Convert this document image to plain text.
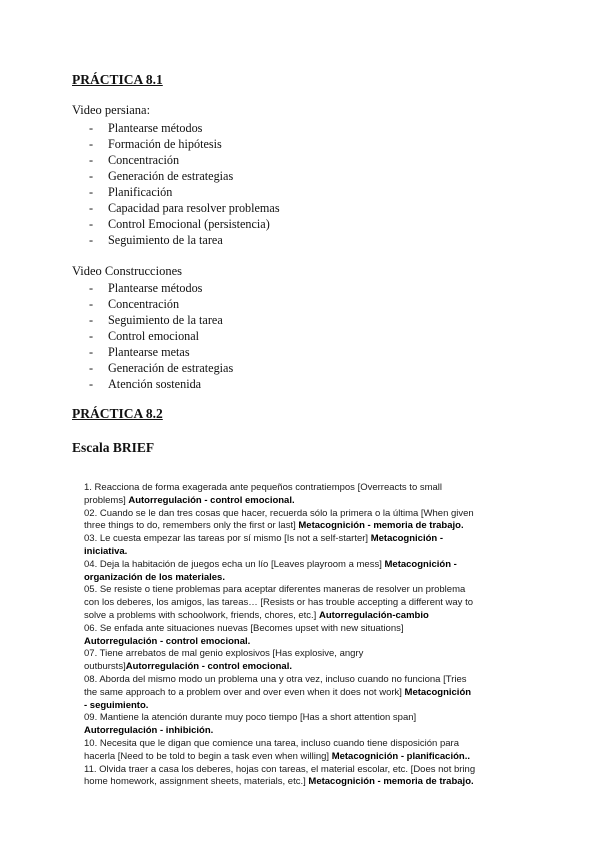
PRÁCTICA 8.1
Video persiana:
- Plantearse métodos
- Formación de hipótesis
- Concentración
- Generación de estrategias
- Planificación
- Capacidad para resolver problemas
- Control Emocional (persistencia)
- Seguimiento de la tarea
Video Construcciones
- Plantearse métodos
- Concentración
- Seguimiento de la tarea
- Control emocional
- Plantearse metas
- Generación de estrategias
- Atención sostenida
PRÁCTICA 8.2
Escala BRIEF

1. Reacciona de forma exagerada ante pequeños contratiempos [Overreacts to small problems] Autorregulación - control emocional.

02. Cuando se le dan tres cosas que hacer, recuerda sólo la primera o la última [When given three things to do, remembers only the first or last] Metacognición - memoria de trabajo.

03. Le cuesta empezar las tareas por sí mismo [Is not a self-starter] Metacognición - iniciativa.

04. Deja la habitación de juegos echa un lío [Leaves playroom a mess] Metacognición - organización de los materiales.

05. Se resiste o tiene problemas para aceptar diferentes maneras de resolver un problema con los deberes, los amigos, las tareas… [Resists or has trouble accepting a different way to solve a problems with schoolwork, friends, chores, etc.] Autorregulación-cambio

06. Se enfada ante situaciones nuevas [Becomes upset with new situations] Autorregulación - control emocional.

07. Tiene arrebatos de mal genio explosivos [Has explosive, angry outbursts]Autorregulación - control emocional.

08. Aborda del mismo modo un problema una y otra vez, incluso cuando no funciona [Tries the same approach to a problem over and over even when it does not work] Metacognición - seguimiento.

09. Mantiene la atención durante muy poco tiempo [Has a short attention span] Autorregulación - inhibición.

10. Necesita que le digan que comience una tarea, incluso cuando tiene disposición para hacerla [Need to be told to begin a task even when willing] Metacognición - planificación..

11. Olvida traer a casa los deberes, hojas con tareas, el material escolar, etc. [Does not bring home homework, assignment sheets, materials, etc.] Metacognición - memoria de trabajo.
